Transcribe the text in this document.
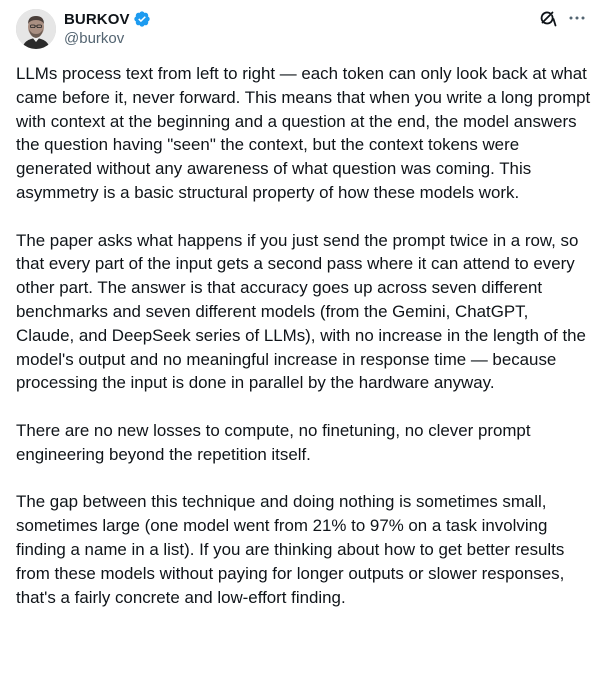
BURKOV
@burkov

LLMs process text from left to right — each token can only look back at what came before it, never forward. This means that when you write a long prompt with context at the beginning and a question at the end, the model answers the question having "seen" the context, but the context tokens were generated without any awareness of what question was coming. This asymmetry is a basic structural property of how these models work.

The paper asks what happens if you just send the prompt twice in a row, so that every part of the input gets a second pass where it can attend to every other part. The answer is that accuracy goes up across seven different benchmarks and seven different models (from the Gemini, ChatGPT, Claude, and DeepSeek series of LLMs), with no increase in the length of the model's output and no meaningful increase in response time — because processing the input is done in parallel by the hardware anyway.

There are no new losses to compute, no finetuning, no clever prompt engineering beyond the repetition itself.

The gap between this technique and doing nothing is sometimes small, sometimes large (one model went from 21% to 97% on a task involving finding a name in a list). If you are thinking about how to get better results from these models without paying for longer outputs or slower responses, that's a fairly concrete and low-effort finding.
